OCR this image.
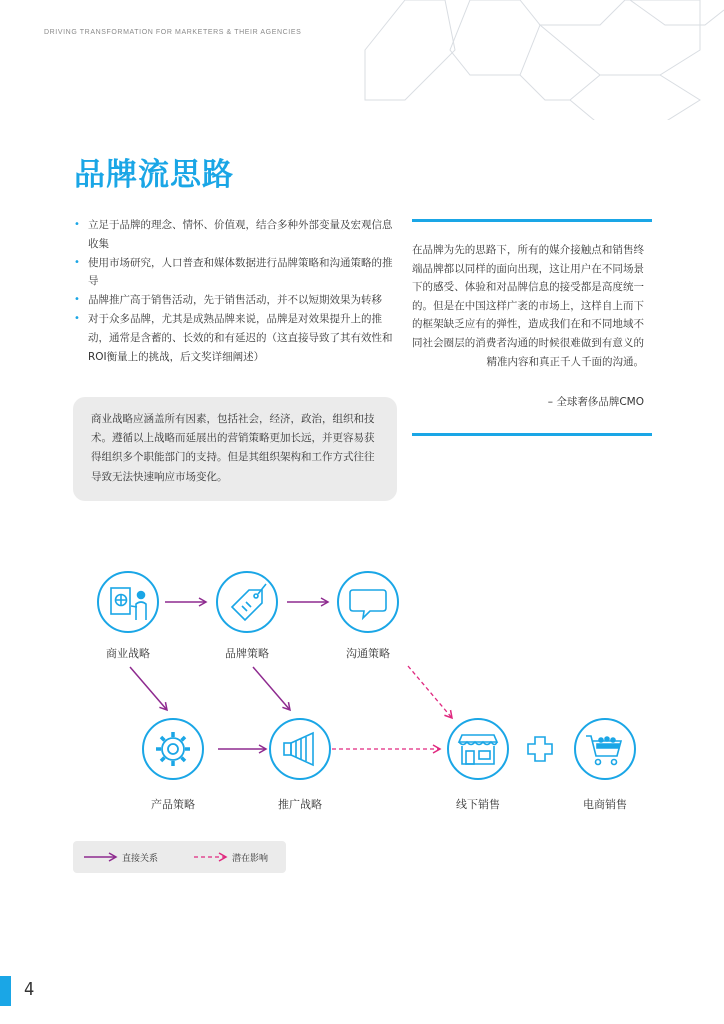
DRIVING TRANSFORMATION FOR MARKETERS & THEIR AGENCIES
品牌流思路
• 立足于品牌的理念、情怀、价值观，结合多种外部变量及宏观信息收集
• 使用市场研究，人口普查和媒体数据进行品牌策略和沟通策略的推导
• 品牌推广高于销售活动，先于销售活动，并不以短期效果为转移
• 对于众多品牌，尤其是成熟品牌来说，品牌是对效果提升上的推动，通常是含蓄的、长效的和有延迟的（这直接导致了其有效性和ROI衡量上的挑战，后文奖详细阐述）
在品牌为先的思路下，所有的媒介接触点和销售终端品牌都以同样的面向出现，这让用户在不同场景下的感受、体验和对品牌信息的接受都是高度统一的。但是在中国这样广袤的市场上，这样自上而下的框架缺乏应有的弹性，造成我们在和不同地域不同社会圈层的消费者沟通的时候很难做到有意义的精准内容和真正千人千面的沟通。
– 全球奢侈品牌CMO

商业战略应涵盖所有因素，包括社会，经济，政治，组织和技术。遵循以上战略而延展出的营销策略更加长远，并更容易获得组织多个职能部门的支持。但是其组织架构和工作方式往往导致无法快速响应市场变化。

商业战略	品牌策略	沟通策略
产品策略	推广战略	线下销售	电商销售
直接关系	潜在影响
4
